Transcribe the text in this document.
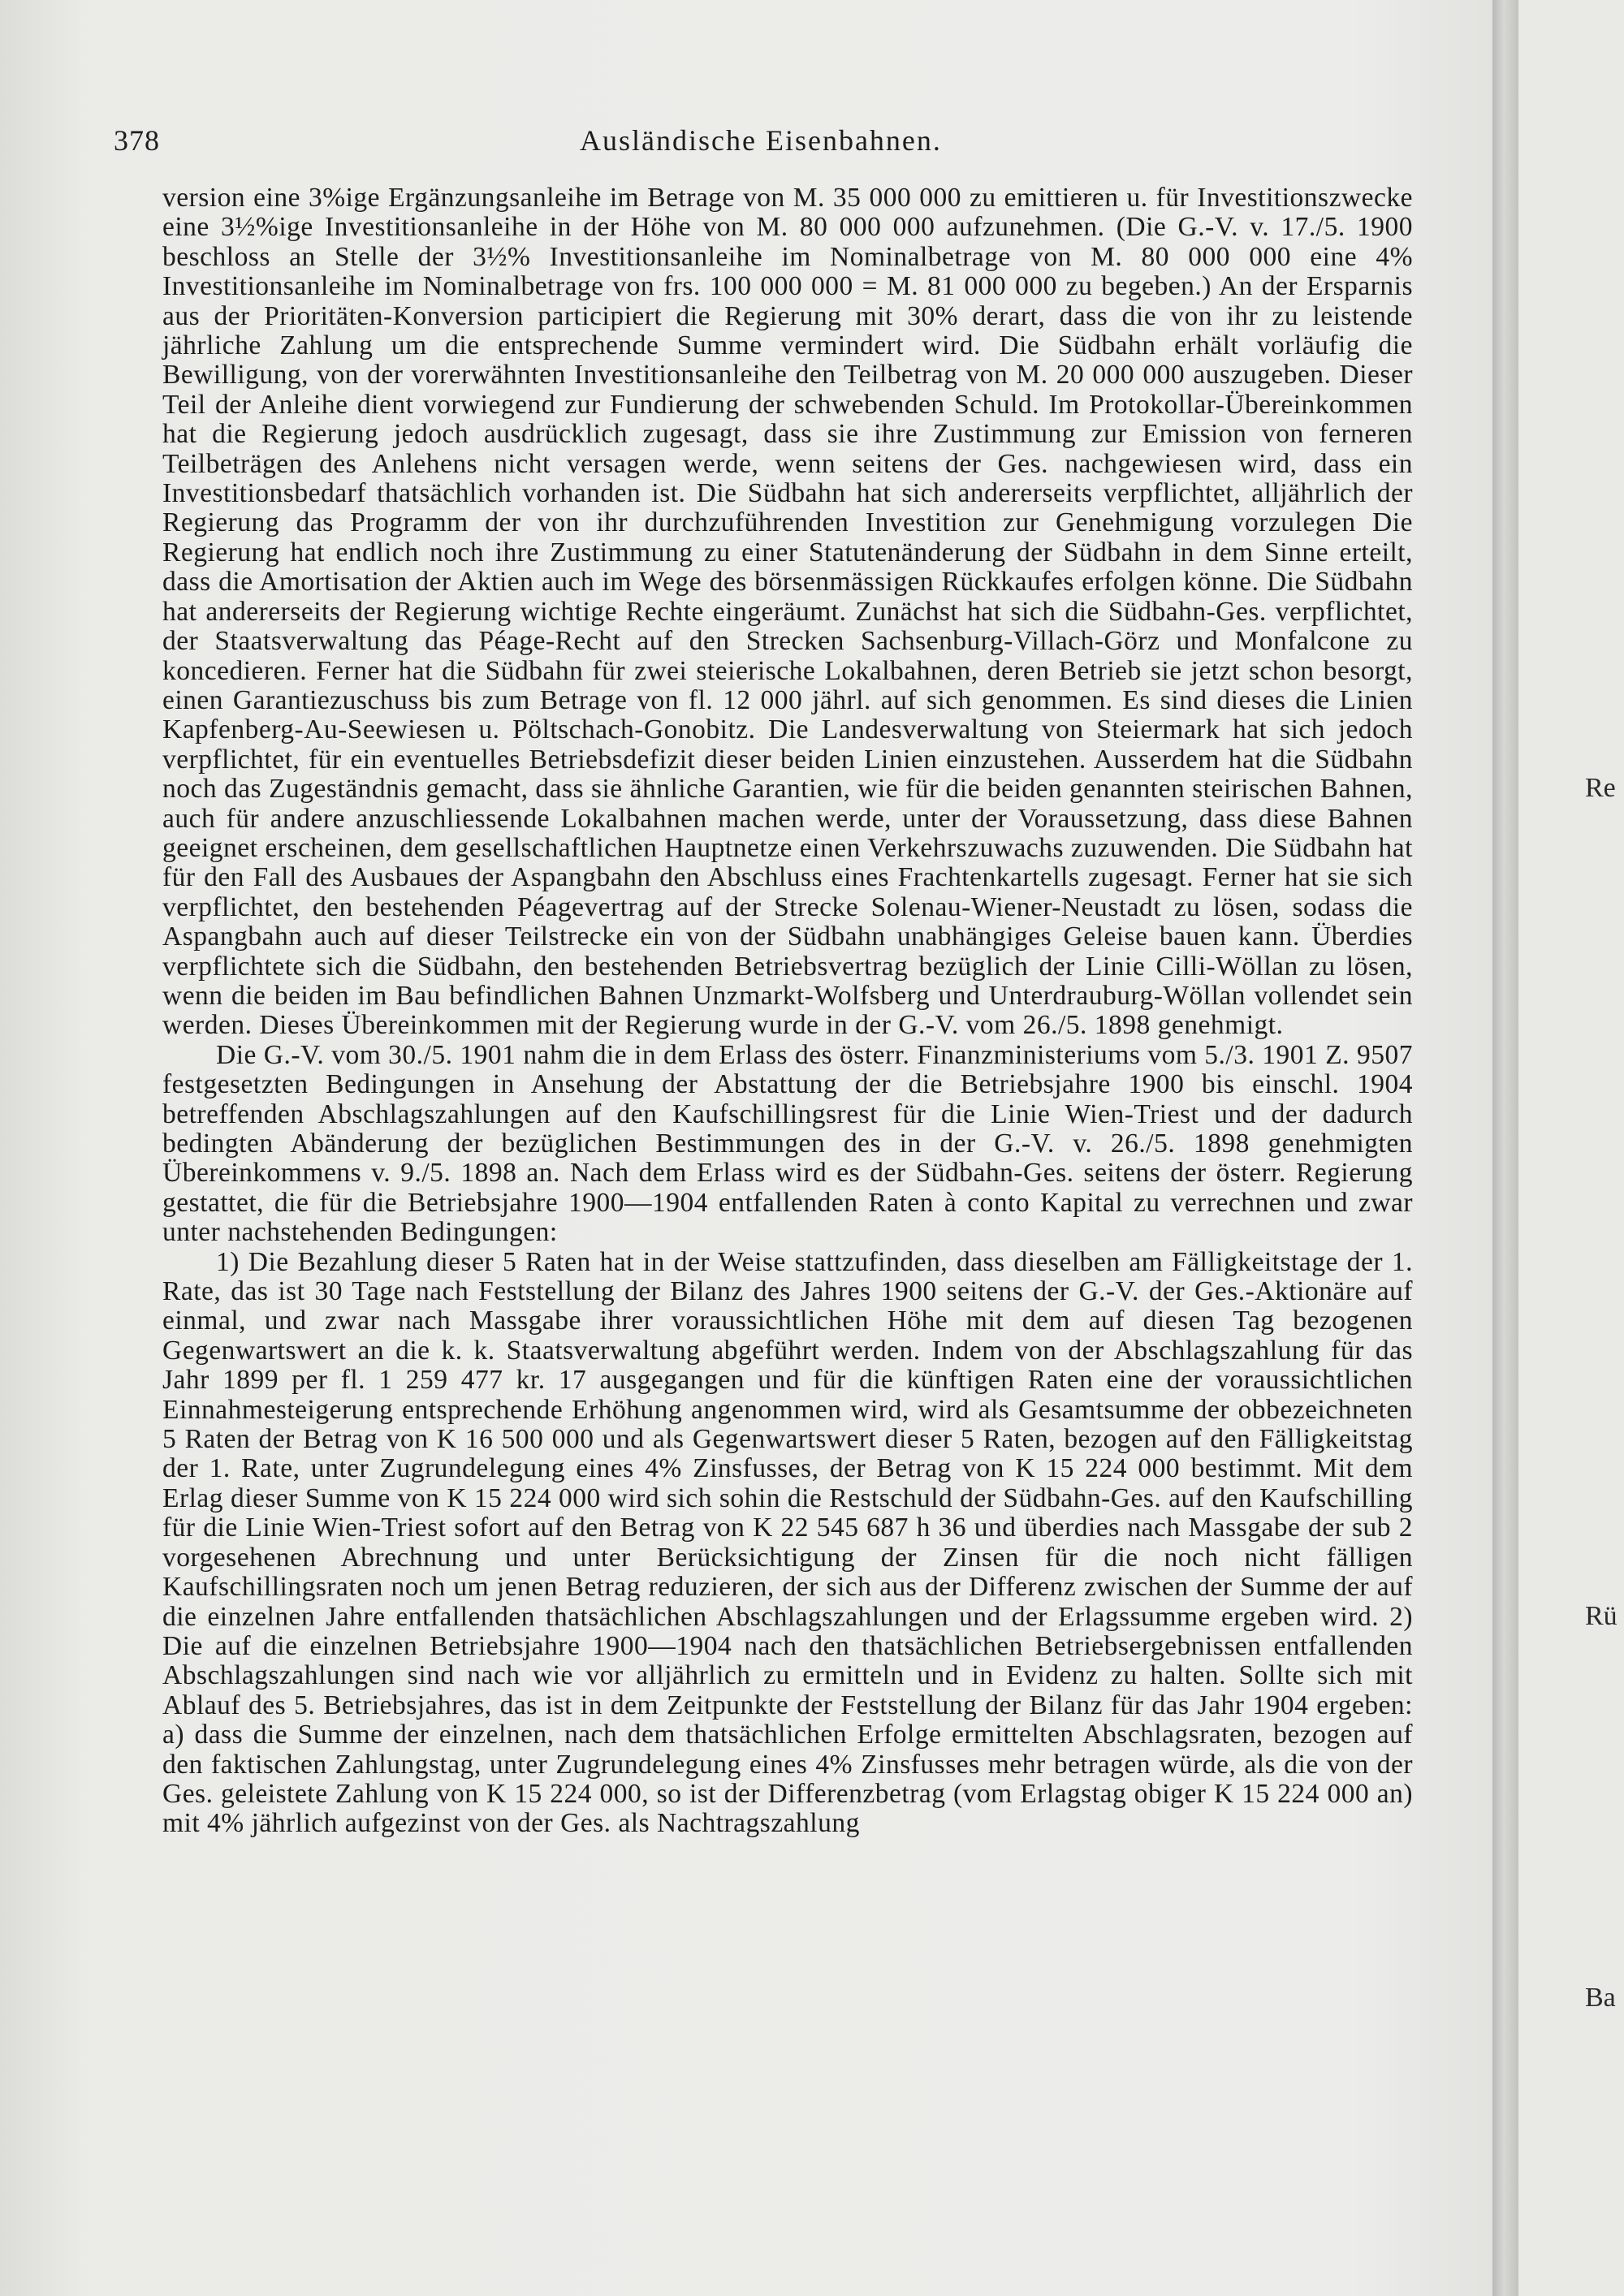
Re
Rü
Ba
378	Ausländische Eisenbahnen.

version eine 3%ige Ergänzungsanleihe im Betrage von M. 35 000 000 zu emittieren u. für Investitionszwecke eine 3½%ige Investitionsanleihe in der Höhe von M. 80 000 000 aufzunehmen. (Die G.-V. v. 17./5. 1900 beschloss an Stelle der 3½% Investitionsanleihe im Nominalbetrage von M. 80 000 000 eine 4% Investitionsanleihe im Nominalbetrage von frs. 100 000 000 = M. 81 000 000 zu begeben.) An der Ersparnis aus der Prioritäten-Konversion participiert die Regierung mit 30% derart, dass die von ihr zu leistende jährliche Zahlung um die entsprechende Summe vermindert wird. Die Südbahn erhält vorläufig die Bewilligung, von der vorerwähnten Investitionsanleihe den Teilbetrag von M. 20 000 000 auszugeben. Dieser Teil der Anleihe dient vorwiegend zur Fundierung der schwebenden Schuld. Im Protokollar-Übereinkommen hat die Regierung jedoch ausdrücklich zugesagt, dass sie ihre Zustimmung zur Emission von ferneren Teilbeträgen des Anlehens nicht versagen werde, wenn seitens der Ges. nachgewiesen wird, dass ein Investitionsbedarf thatsächlich vorhanden ist. Die Südbahn hat sich andererseits verpflichtet, alljährlich der Regierung das Programm der von ihr durchzuführenden Investition zur Genehmigung vorzulegen Die Regierung hat endlich noch ihre Zustimmung zu einer Statutenänderung der Südbahn in dem Sinne erteilt, dass die Amortisation der Aktien auch im Wege des börsenmässigen Rückkaufes erfolgen könne. Die Südbahn hat andererseits der Regierung wichtige Rechte eingeräumt. Zunächst hat sich die Südbahn-Ges. verpflichtet, der Staatsverwaltung das Péage-Recht auf den Strecken Sachsenburg-Villach-Görz und Monfalcone zu koncedieren. Ferner hat die Südbahn für zwei steierische Lokalbahnen, deren Betrieb sie jetzt schon besorgt, einen Garantiezuschuss bis zum Betrage von fl. 12 000 jährl. auf sich genommen. Es sind dieses die Linien Kapfenberg-Au-Seewiesen u. Pöltschach-Gonobitz. Die Landesverwaltung von Steiermark hat sich jedoch verpflichtet, für ein eventuelles Betriebsdefizit dieser beiden Linien einzustehen. Ausserdem hat die Südbahn noch das Zugeständnis gemacht, dass sie ähnliche Garantien, wie für die beiden genannten steirischen Bahnen, auch für andere anzuschliessende Lokalbahnen machen werde, unter der Voraussetzung, dass diese Bahnen geeignet erscheinen, dem gesellschaftlichen Hauptnetze einen Verkehrszuwachs zuzuwenden. Die Südbahn hat für den Fall des Ausbaues der Aspangbahn den Abschluss eines Frachtenkartells zugesagt. Ferner hat sie sich verpflichtet, den bestehenden Péagevertrag auf der Strecke Solenau-Wiener-Neustadt zu lösen, sodass die Aspangbahn auch auf dieser Teilstrecke ein von der Südbahn unabhängiges Geleise bauen kann. Überdies verpflichtete sich die Südbahn, den bestehenden Betriebsvertrag bezüglich der Linie Cilli-Wöllan zu lösen, wenn die beiden im Bau befindlichen Bahnen Unzmarkt-Wolfsberg und Unterdrauburg-Wöllan vollendet sein werden. Dieses Übereinkommen mit der Regierung wurde in der G.-V. vom 26./5. 1898 genehmigt.

Die G.-V. vom 30./5. 1901 nahm die in dem Erlass des österr. Finanzministeriums vom 5./3. 1901 Z. 9507 festgesetzten Bedingungen in Ansehung der Abstattung der die Betriebsjahre 1900 bis einschl. 1904 betreffenden Abschlagszahlungen auf den Kaufschillingsrest für die Linie Wien-Triest und der dadurch bedingten Abänderung der bezüglichen Bestimmungen des in der G.-V. v. 26./5. 1898 genehmigten Übereinkommens v. 9./5. 1898 an. Nach dem Erlass wird es der Südbahn-Ges. seitens der österr. Regierung gestattet, die für die Betriebsjahre 1900—1904 entfallenden Raten à conto Kapital zu verrechnen und zwar unter nachstehenden Bedingungen:

1) Die Bezahlung dieser 5 Raten hat in der Weise stattzufinden, dass dieselben am Fälligkeitstage der 1. Rate, das ist 30 Tage nach Feststellung der Bilanz des Jahres 1900 seitens der G.-V. der Ges.-Aktionäre auf einmal, und zwar nach Massgabe ihrer voraussichtlichen Höhe mit dem auf diesen Tag bezogenen Gegenwartswert an die k. k. Staatsverwaltung abgeführt werden. Indem von der Abschlagszahlung für das Jahr 1899 per fl. 1 259 477 kr. 17 ausgegangen und für die künftigen Raten eine der voraussichtlichen Einnahmesteigerung entsprechende Erhöhung angenommen wird, wird als Gesamtsumme der obbezeichneten 5 Raten der Betrag von K 16 500 000 und als Gegenwartswert dieser 5 Raten, bezogen auf den Fälligkeitstag der 1. Rate, unter Zugrundelegung eines 4% Zinsfusses, der Betrag von K 15 224 000 bestimmt. Mit dem Erlag dieser Summe von K 15 224 000 wird sich sohin die Restschuld der Südbahn-Ges. auf den Kaufschilling für die Linie Wien-Triest sofort auf den Betrag von K 22 545 687 h 36 und überdies nach Massgabe der sub 2 vorgesehenen Abrechnung und unter Berücksichtigung der Zinsen für die noch nicht fälligen Kaufschillingsraten noch um jenen Betrag reduzieren, der sich aus der Differenz zwischen der Summe der auf die einzelnen Jahre entfallenden thatsächlichen Abschlagszahlungen und der Erlagssumme ergeben wird. 2) Die auf die einzelnen Betriebsjahre 1900—1904 nach den thatsächlichen Betriebsergebnissen entfallenden Abschlagszahlungen sind nach wie vor alljährlich zu ermitteln und in Evidenz zu halten. Sollte sich mit Ablauf des 5. Betriebsjahres, das ist in dem Zeitpunkte der Feststellung der Bilanz für das Jahr 1904 ergeben: a) dass die Summe der einzelnen, nach dem thatsächlichen Erfolge ermittelten Abschlagsraten, bezogen auf den faktischen Zahlungstag, unter Zugrundelegung eines 4% Zinsfusses mehr betragen würde, als die von der Ges. geleistete Zahlung von K 15 224 000, so ist der Differenzbetrag (vom Erlagstag obiger K 15 224 000 an) mit 4% jährlich aufgezinst von der Ges. als Nachtragszahlung
